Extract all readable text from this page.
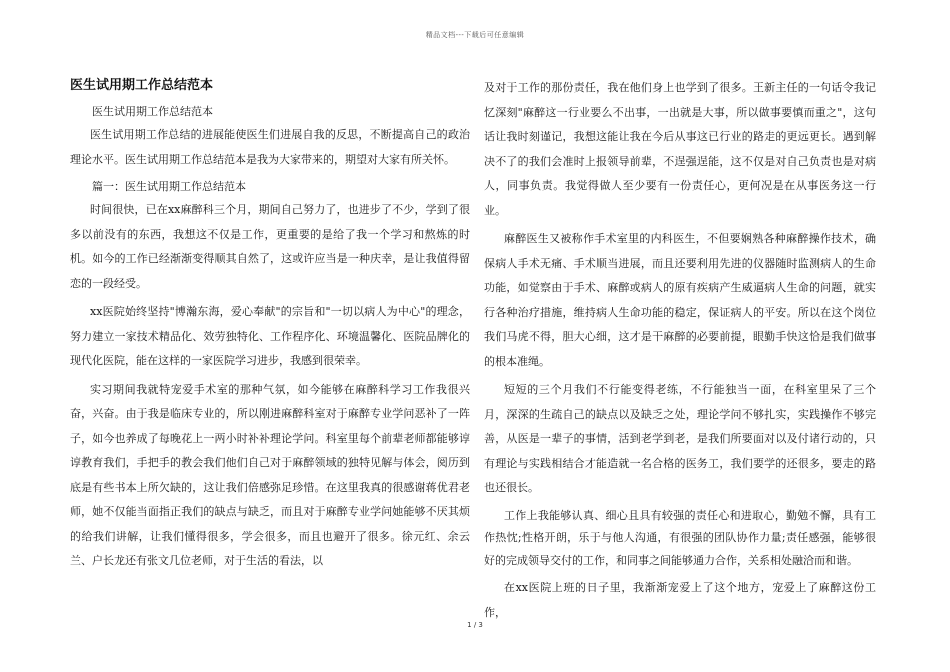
精品文档---下载后可任意编辑
医生试用期工作总结范本

医生试用期工作总结范本

医生试用期工作总结的进展能使医生们进展自我的反思，不断提高自己的政治理论水平。医生试用期工作总结范本是我为大家带来的，期望对大家有所关怀。

篇一：医生试用期工作总结范本

时间很快，已在xx麻醉科三个月，期间自己努力了，也进步了不少，学到了很多以前没有的东西，我想这不仅是工作，更重要的是给了我一个学习和熬炼的时机。如今的工作已经渐渐变得顺其自然了，这或许应当是一种庆幸，是让我值得留恋的一段经受。

xx医院始终坚持"博瀚东海，爱心奉献"的宗旨和"一切以病人为中心"的理念，努力建立一家技术精品化、效劳独特化、工作程序化、环境温馨化、医院品牌化的现代化医院，能在这样的一家医院学习进步，我感到很荣幸。

实习期间我就特宠爱手术室的那种气氛，如今能够在麻醉科学习工作我很兴奋，兴奋。由于我是临床专业的，所以刚进麻醉科室对于麻醉专业学问恶补了一阵子，如今也养成了每晚花上一两小时补补理论学问。科室里每个前辈老师都能够谆谆教育我们，手把手的教会我们他们自己对于麻醉领域的独特见解与体会，阅历到底是有些书本上所欠缺的，这让我们倍感弥足珍惜。在这里我真的很感谢蒋优君老师，她不仅能当面指正我们的缺点与缺乏，而且对于麻醉专业学问她能够不厌其烦的给我们讲解，让我们懂得很多，学会很多，而且也避开了很多。徐元红、余云兰、户长龙还有张文几位老师，对于生活的看法，以

及对于工作的那份责任，我在他们身上也学到了很多。王新主任的一句话令我记忆深刻"麻醉这一行业要么不出事，一出就是大事，所以做事要慎而重之"，这句话让我时刻谨记，我想这能让我在今后从事这已行业的路走的更远更长。遇到解决不了的我们会准时上报领导前辈，不逞强逞能，这不仅是对自己负责也是对病人，同事负责。我觉得做人至少要有一份责任心，更何况是在从事医务这一行业。

麻醉医生又被称作手术室里的内科医生，不但要娴熟各种麻醉操作技术，确保病人手术无痛、手术顺当进展，而且还要利用先进的仪器随时监测病人的生命功能，如觉察由于手术、麻醉或病人的原有疾病产生威逼病人生命的问题，就实行各种治疗措施，维持病人生命功能的稳定，保证病人的平安。所以在这个岗位我们马虎不得，胆大心细，这才是干麻醉的必要前提，眼勤手快这恰是我们做事的根本准绳。

短短的三个月我们不行能变得老练，不行能独当一面，在科室里呆了三个月，深深的生疏自己的缺点以及缺乏之处，理论学问不够扎实，实践操作不够完善，从医是一辈子的事情，活到老学到老，是我们所要面对以及付诸行动的，只有理论与实践相结合才能造就一名合格的医务工，我们要学的还很多，要走的路也还很长。

工作上我能够认真、细心且具有较强的责任心和进取心，勤勉不懈，具有工作热忱;性格开朗，乐于与他人沟通，有很强的团队协作力量;责任感强，能够很好的完成领导交付的工作，和同事之间能够通力合作，关系相处融洽而和谐。

在xx医院上班的日子里，我渐渐宠爱上了这个地方，宠爱上了麻醉这份工作，

1 / 3
